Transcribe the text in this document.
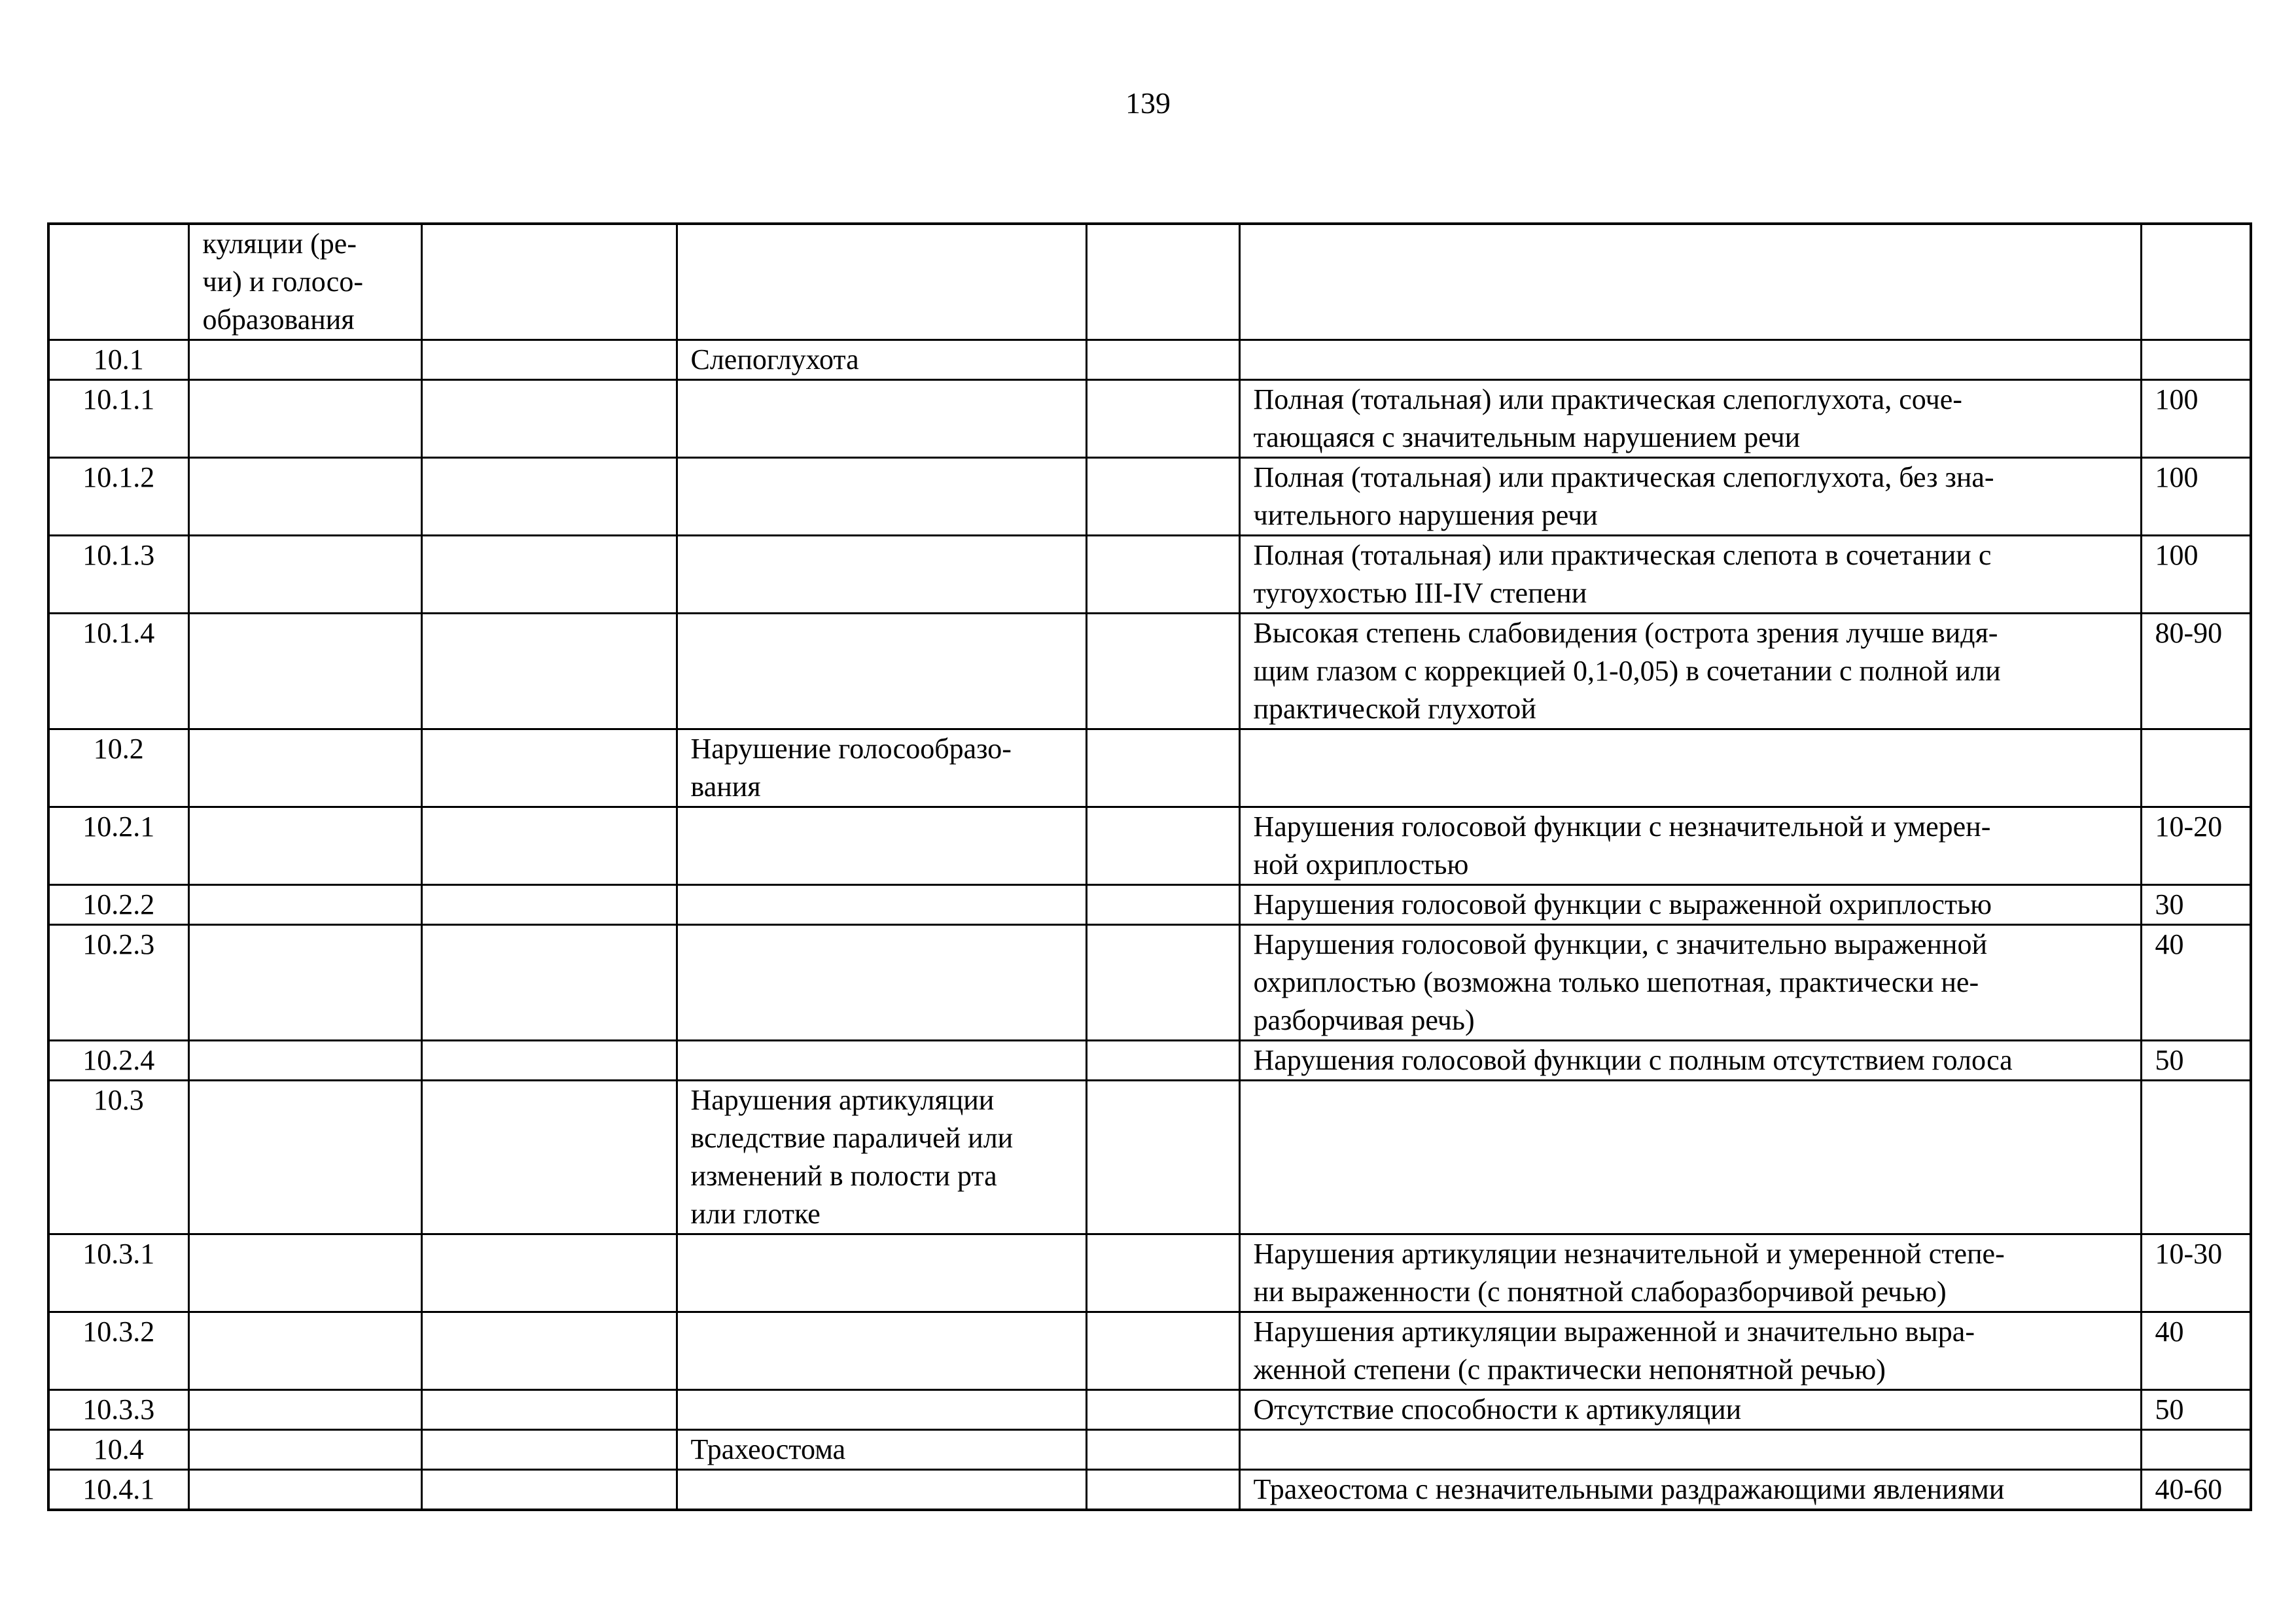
139
	куляции (ре-
чи) и голосо-
образования					
10.1			Слепоглухота			
10.1.1					Полная (тотальная) или практическая слепоглухота, соче-
тающаяся с значительным нарушением речи	100
10.1.2					Полная (тотальная) или практическая слепоглухота, без зна-
чительного нарушения речи	100
10.1.3					Полная (тотальная) или практическая слепота в сочетании с
тугоухостью III-IV степени	100
10.1.4					Высокая степень слабовидения (острота зрения лучше видя-
щим глазом с коррекцией 0,1-0,05) в сочетании с полной или
практической глухотой	80-90
10.2			Нарушение голосообразо-
вания			
10.2.1					Нарушения голосовой функции с незначительной и умерен-
ной охриплостью	10-20
10.2.2					Нарушения голосовой функции с выраженной охриплостью	30
10.2.3					Нарушения голосовой функции, с значительно выраженной
охриплостью (возможна только шепотная, практически не-
разборчивая речь)	40
10.2.4					Нарушения голосовой функции с полным отсутствием голоса	50
10.3			Нарушения артикуляции
вследствие параличей или
изменений в полости рта
или глотке			
10.3.1					Нарушения артикуляции незначительной и умеренной степе-
ни выраженности (с понятной слаборазборчивой речью)	10-30
10.3.2					Нарушения артикуляции выраженной и значительно выра-
женной степени (с практически непонятной речью)	40
10.3.3					Отсутствие способности к артикуляции	50
10.4			Трахеостома			
10.4.1					Трахеостома с незначительными раздражающими явлениями	40-60
